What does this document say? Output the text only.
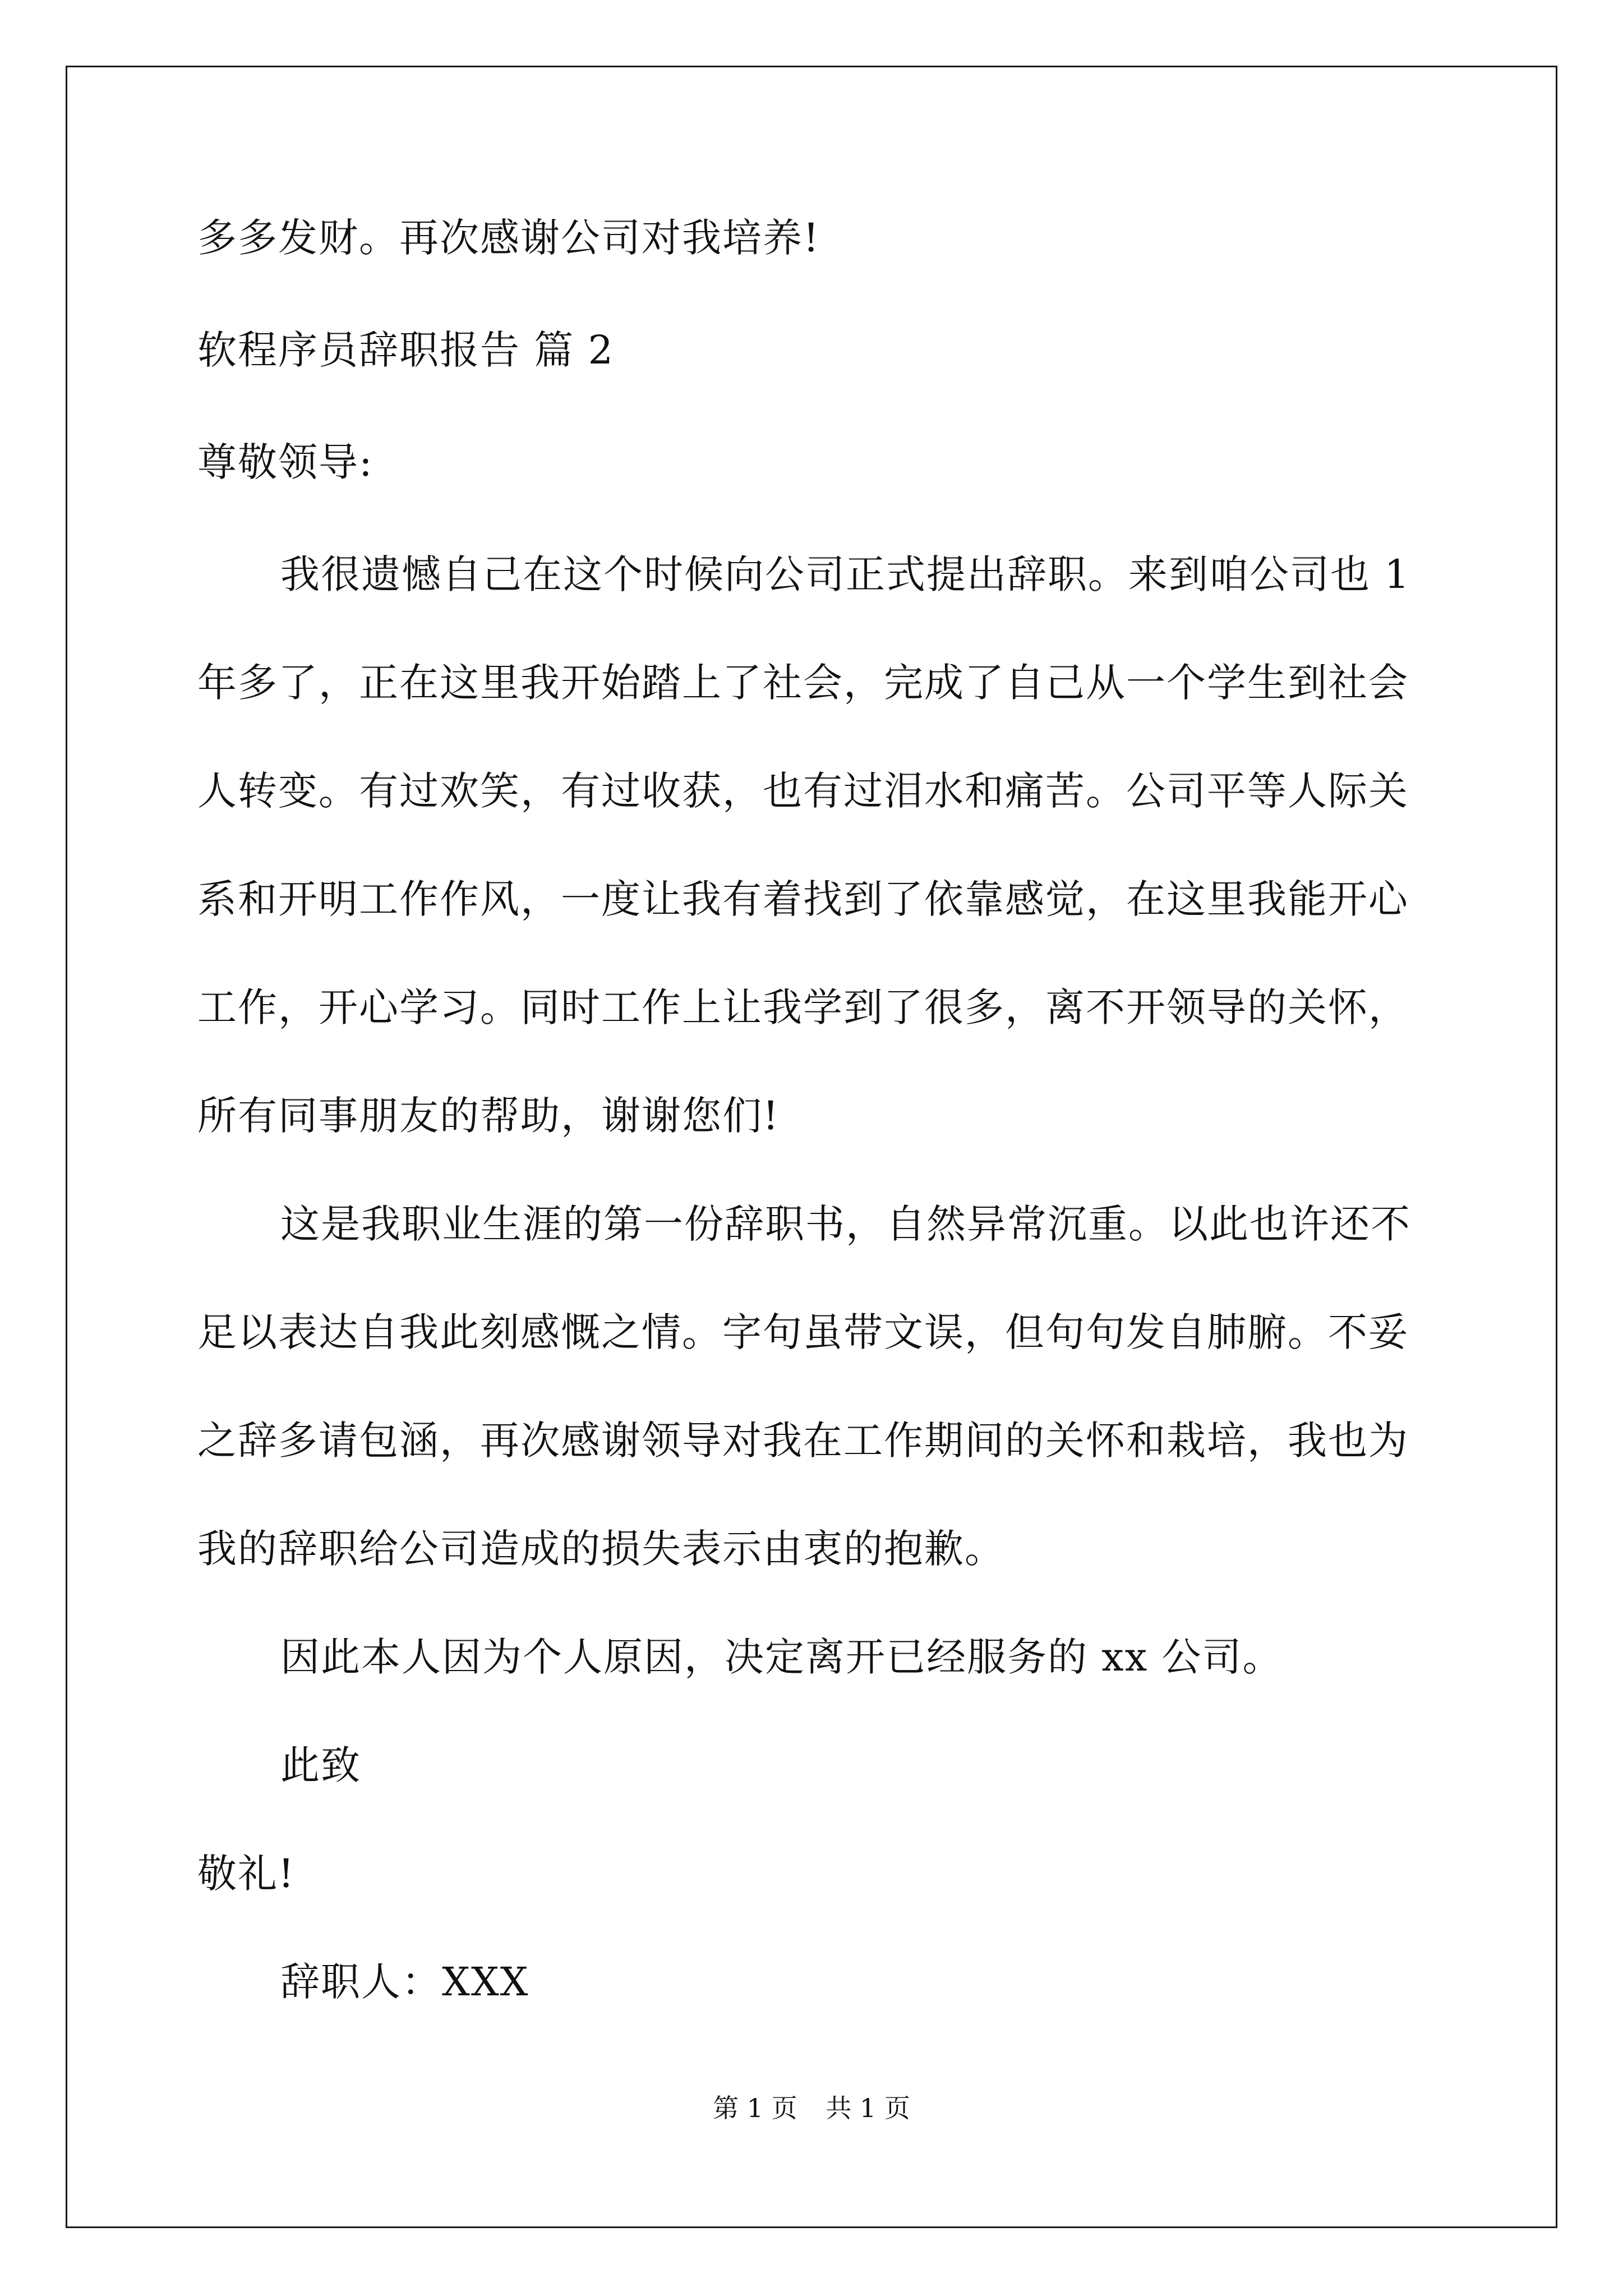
多多发财。再次感谢公司对我培养!
软程序员辞职报告 篇 2
尊敬领导:
我很遗憾自己在这个时候向公司正式提出辞职。来到咱公司也 1
年多了，正在这里我开始踏上了社会，完成了自己从一个学生到社会
人转变。有过欢笑，有过收获，也有过泪水和痛苦。公司平等人际关
系和开明工作作风，一度让我有着找到了依靠感觉，在这里我能开心
工作，开心学习。同时工作上让我学到了很多，离不开领导的关怀，
所有同事朋友的帮助，谢谢您们!
这是我职业生涯的第一份辞职书，自然异常沉重。以此也许还不
足以表达自我此刻感慨之情。字句虽带文误，但句句发自肺腑。不妥
之辞多请包涵，再次感谢领导对我在工作期间的关怀和栽培，我也为
我的辞职给公司造成的损失表示由衷的抱歉。
因此本人因为个人原因，决定离开已经服务的 xx 公司。
此致
敬礼!
辞职人：XXX
第 1 页 共 1 页
